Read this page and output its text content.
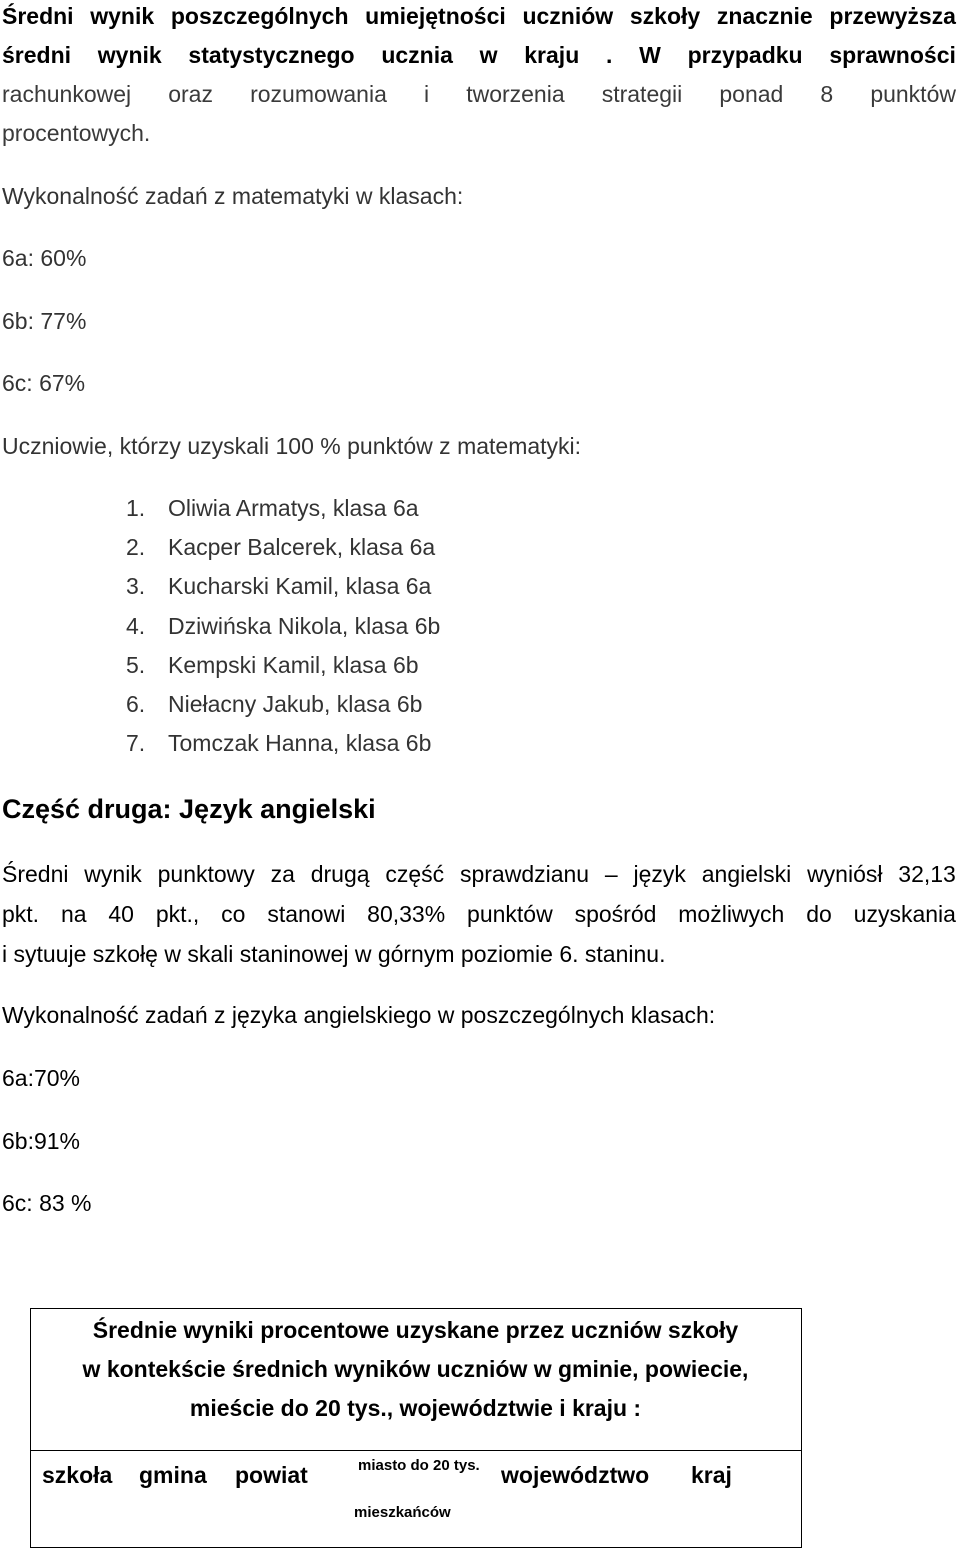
Średni wynik poszczególnych umiejętności uczniów szkoły znacznie przewyższa
średni wynik statystycznego ucznia w kraju . W przypadku sprawności
rachunkowej oraz rozumowania i tworzenia strategii ponad 8 punktów
procentowych.
Wykonalność zadań z matematyki w klasach:
6a: 60%
6b: 77%
6c: 67%
Uczniowie, którzy uzyskali 100 % punktów z matematyki:
1. Oliwia Armatys, klasa 6a
2. Kacper Balcerek, klasa 6a
3. Kucharski Kamil, klasa 6a
4. Dziwińska Nikola, klasa 6b
5. Kempski Kamil, klasa 6b
6. Niełacny Jakub, klasa 6b
7. Tomczak Hanna, klasa 6b
Część druga: Język angielski
Średni wynik punktowy za drugą część sprawdzianu – język angielski wyniósł 32,13
pkt. na 40 pkt., co stanowi 80,33% punktów spośród możliwych do uzyskania
i sytuuje szkołę w skali staninowej w górnym poziomie 6. staninu.
Wykonalność zadań z języka angielskiego w poszczególnych klasach:
6a:70%
6b:91%
6c: 83 %
Średnie wyniki procentowe uzyskane przez uczniów szkoły
w kontekście średnich wyników uczniów w gminie, powiecie,
mieście do 20 tys., województwie i kraju :
szkoła gmina powiat	miasto do 20 tys.
mieszkańców
województwo kraj
